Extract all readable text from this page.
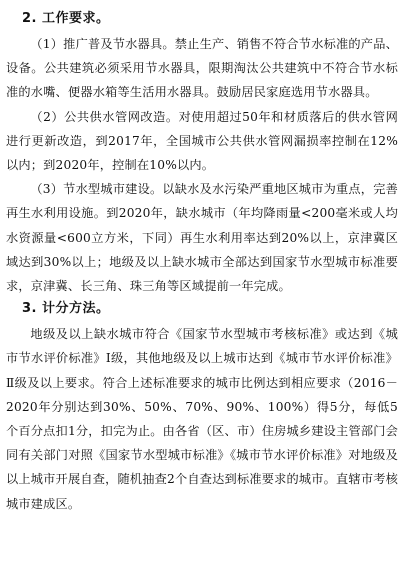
2. 工作要求。

（1）推广普及节水器具。禁止生产、销售不符合节水标准的产品、设备。公共建筑必须采用节水器具，限期淘汰公共建筑中不符合节水标准的水嘴、便器水箱等生活用水器具。鼓励居民家庭选用节水器具。

（2）公共供水管网改造。对使用超过50年和材质落后的供水管网进行更新改造，到2017年，全国城市公共供水管网漏损率控制在12%以内；到2020年，控制在10%以内。

（3）节水型城市建设。以缺水及水污染严重地区城市为重点，完善再生水利用设施。到2020年，缺水城市（年均降雨量<200毫米或人均水资源量<600立方米，下同）再生水利用率达到20%以上，京津冀区域达到30%以上；地级及以上缺水城市全部达到国家节水型城市标准要求，京津冀、长三角、珠三角等区域提前一年完成。

3. 计分方法。

地级及以上缺水城市符合《国家节水型城市考核标准》或达到《城市节水评价标准》Ⅰ级，其他地级及以上城市达到《城市节水评价标准》Ⅱ级及以上要求。符合上述标准要求的城市比例达到相应要求（2016－2020年分别达到30%、50%、70%、90%、100%）得5分，每低5个百分点扣1分，扣完为止。由各省（区、市）住房城乡建设主管部门会同有关部门对照《国家节水型城市标准》《城市节水评价标准》对地级及以上城市开展自查，随机抽查2个自查达到标准要求的城市。直辖市考核城市建成区。
